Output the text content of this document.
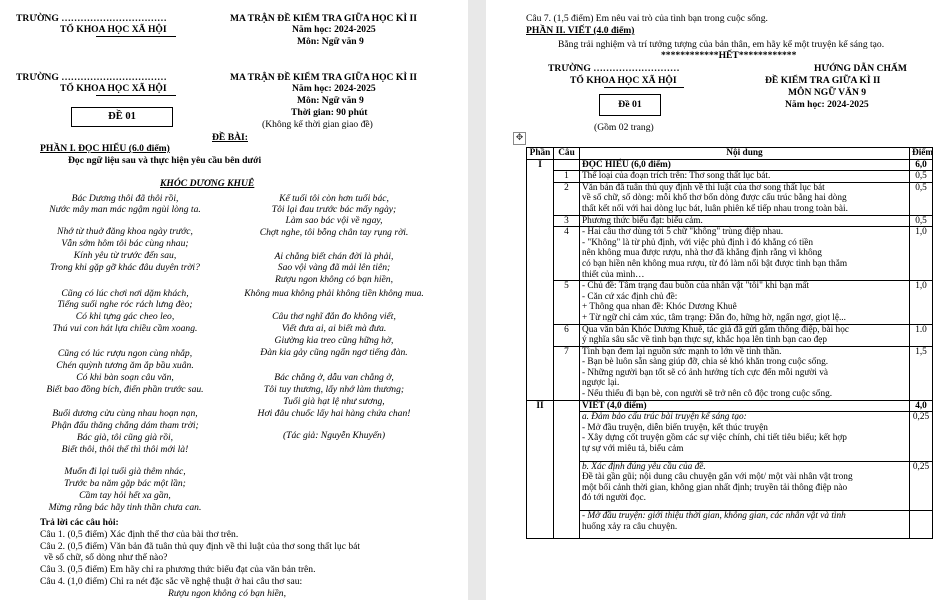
TRƯỜNG ……………………………
TỔ KHOA HỌC XÃ HỘI
MA TRẬN ĐỀ KIỂM TRA GIỮA HỌC KÌ II
Năm học: 2024-2025
Môn: Ngữ văn 9
TRƯỜNG ……………………………
TỔ KHOA HỌC XÃ HỘI
MA TRẬN ĐỀ KIỂM TRA GIỮA HỌC KÌ II
Năm học: 2024-2025
Môn: Ngữ văn 9
Thời gian: 90 phút
(Không kể thời gian giao đề)
ĐỀ 01
ĐỀ BÀI:
PHẦN I. ĐỌC HIỂU (6.0 điểm)
Đọc ngữ liệu sau và thực hiện yêu cầu bên dưới
KHÓC DƯƠNG KHUÊ
Trả lời các câu hỏi:
Câu 1. (0,5 điểm) Xác định thể thơ của bài thơ trên.
Câu 2. (0,5 điểm) Văn bản đã tuân thủ quy định về thi luật của thơ song thất lục bát
về số chữ, số dòng như thế nào?
Câu 3. (0,5 điểm) Em hãy chỉ ra phương thức biểu đạt của văn bản trên.
Câu 4. (1,0 điểm) Chỉ ra nét đặc sắc về nghệ thuật ở hai câu thơ sau:
Rượu ngon không có bạn hiền,
Bác Dương thôi đã thôi rồi,
Nước mây man mác ngậm ngùi lòng ta.
Nhớ từ thuở đăng khoa ngày trước,
Vẫn sớm hôm tôi bác cùng nhau;
Kính yêu từ trước đến sau,
Trong khi gặp gỡ khác đâu duyên trời?
Cũng có lúc chơi nơi dặm khách,
Tiếng suối nghe róc rách lưng đèo;
Có khi tựng gác cheo leo,
Thú vui con hát lựa chiều cầm xoang.
Cũng có lúc rượu ngon cùng nhắp,
Chén quỳnh tương ăm ắp bầu xuân.
Có khi bàn soạn câu văn,
Biết bao đồng bích, điển phần trước sau.
Buổi dương cửu cùng nhau hoạn nạn,
Phận đẩu thăng chẳng dám tham trời;
Bác già, tôi cũng già rồi,
Biết thôi, thôi thế thì thôi mới là!
Muốn đi lại tuổi già thêm nhác,
Trước ba năm gặp bác một lần;
Cầm tay hỏi hết xa gần,
Mừng rằng bác hãy tinh thần chưa can.
Kể tuổi tôi còn hơn tuổi bác,
Tôi lại đau trước bác mấy ngày;
Làm sao bác vội về ngay,
Chợt nghe, tôi bỗng chân tay rụng rời.
Ai chẳng biết chán đời là phải,
Sao vội vàng đã mải lên tiên;
Rượu ngon không có bạn hiền,
Không mua không phải không tiền không mua.
Câu thơ nghĩ đắn đo không viết,
Viết đưa ai, ai biết mà đưa.
Giường kia treo cũng hững hờ,
Đàn kia gảy cũng ngẩn ngơ tiếng đàn.
Bác chẳng ở, dẫu van chẳng ở,
Tôi tuy thương, lấy nhớ làm thương;
Tuổi già hạt lệ như sương,
Hơi đâu chuốc lấy hai hàng chứa chan!
(Tác giả: Nguyễn Khuyến)
Câu 7. (1,5 điểm) Em nêu vai trò của tình bạn trong cuộc sống.
PHẦN II. VIẾT (4.0 điểm)
Bằng trải nghiệm và trí tưởng tượng của bản thân, em hãy kể một truyện kể sáng tạo.
************HẾT************
TRƯỜNG ………………………
TỔ KHOA HỌC XÃ HỘI
HƯỚNG DẪN CHẤM
ĐỀ KIỂM TRA GIỮA KÌ II
MÔN NGỮ VĂN 9
Năm học: 2024-2025
Đề 01
(Gồm 02 trang)
✥
Phần	Câu	Nội dung	Điểm
I		ĐỌC HIỂU (6,0 điểm)	6,0
	1	Thể loại của đoạn trích trên: Thơ song thất lục bát.	0,5
	2	Văn bản đã tuân thủ quy định về thi luật của thơ song thất lục bát
về số chữ, số dòng: mỗi khổ thơ bốn dòng được cấu trúc bằng hai dòng
thất kết nối với hai dòng lục bát, luân phiên kế tiếp nhau trong toàn bài.	0,5
	3	Phương thức biểu đạt: biểu cảm.	0,5
	4	- Hai câu thơ dùng tới 5 chữ "không" trùng điệp nhau.
- "Không" là từ phủ định, với việc phủ định ì đó khẳng có tiền
nên không mua được rượu, nhà thơ đã khẳng định rằng vì không
có bạn hiền nên không mua rượu, từ đó làm nổi bật được tình bạn thắm
thiết của mình…	1,0
	5	- Chủ đề: Tâm trạng đau buồn của nhân vật "tôi" khi bạn mất
- Căn cứ xác định chủ đề:
+ Thông qua nhan đề: Khóc Dương Khuê
+ Từ ngữ chỉ cảm xúc, tâm trạng: Đắn đo, hững hờ, ngẩn ngơ, giọt lệ...	1,0
	6	Qua văn bản Khóc Dương Khuê, tác giả đã gửi gắm thông điệp, bài học
ý nghĩa sâu sắc về tình bạn thực sự, khắc họa lên tình bạn cao đẹp	1.0
	7	Tình bạn đem lại nguồn sức mạnh to lớn về tinh thần.
- Bạn bè luôn sẵn sàng giúp đỡ, chia sẻ khó khăn trong cuộc sống.
- Những người bạn tốt sẽ có ảnh hưởng tích cực đến mỗi người và
ngược lại.
- Nếu thiếu đi bạn bè, con người sẽ trở nên cô độc trong cuộc sống.	1,5
II		VIẾT (4,0 điểm)	4,0

		a. Đảm bảo cấu trúc bài truyện kể sáng tạo:
- Mở đầu truyện, diễn biến truyện, kết thúc truyện
- Xây dựng cốt truyện gồm các sự việc chính, chi tiết tiêu biểu; kết hợp
tự sự với miêu tả, biểu cảm	0,25

		b. Xác định đúng yêu cầu của đề.
Đề tài gần gũi; nội dung câu chuyện gắn với một/ một vài nhân vật trong
một bối cảnh thời gian, không gian nhất định; truyền tải thông điệp nào
đó tới người đọc.	0,25

		- Mở đầu truyện: giới thiệu thời gian, không gian, các nhân vật và tình
huống xảy ra câu chuyện.	
